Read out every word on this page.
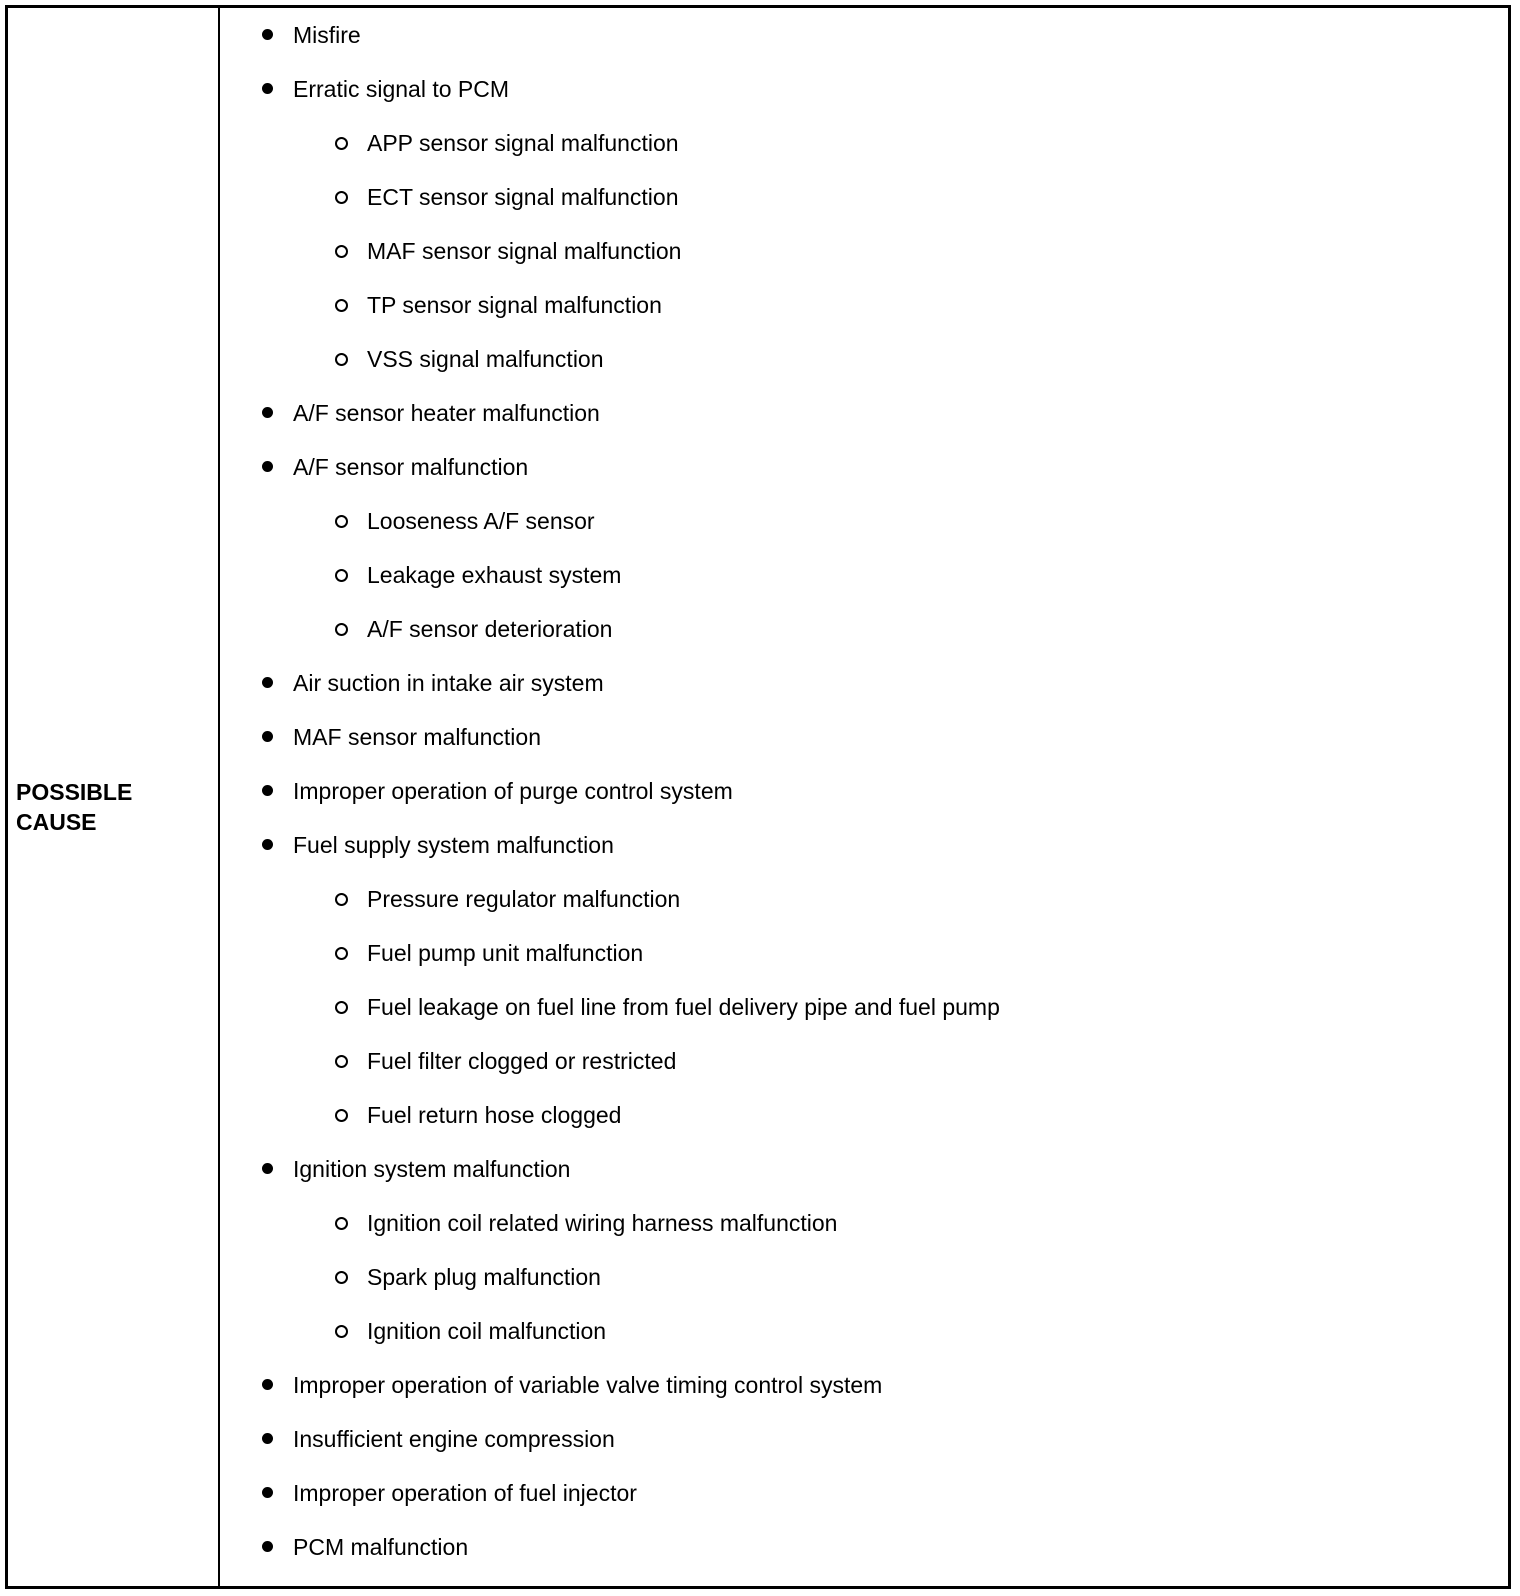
POSSIBLE CAUSE
Misfire
Erratic signal to PCM
APP sensor signal malfunction
ECT sensor signal malfunction
MAF sensor signal malfunction
TP sensor signal malfunction
VSS signal malfunction
A/F sensor heater malfunction
A/F sensor malfunction
Looseness A/F sensor
Leakage exhaust system
A/F sensor deterioration
Air suction in intake air system
MAF sensor malfunction
Improper operation of purge control system
Fuel supply system malfunction
Pressure regulator malfunction
Fuel pump unit malfunction
Fuel leakage on fuel line from fuel delivery pipe and fuel pump
Fuel filter clogged or restricted
Fuel return hose clogged
Ignition system malfunction
Ignition coil related wiring harness malfunction
Spark plug malfunction
Ignition coil malfunction
Improper operation of variable valve timing control system
Insufficient engine compression
Improper operation of fuel injector
PCM malfunction
